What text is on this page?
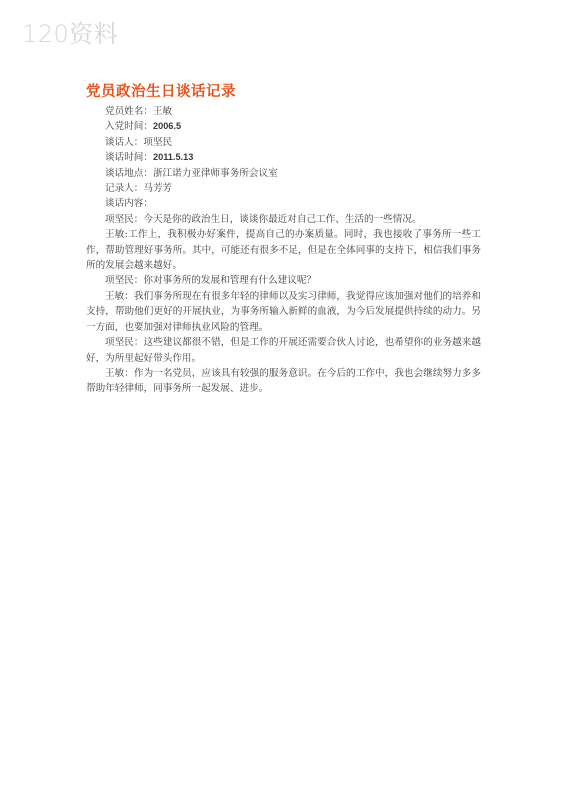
120资料
党员政治生日谈话记录

党员姓名：王敏

入党时间：2006.5

谈话人：项坚民

谈话时间：2011.5.13

谈话地点：浙江诺力亚律师事务所会议室

记录人：马芳芳

谈话内容：

项坚民：今天是你的政治生日，谈谈你最近对自己工作、生活的一些情况。

王敏:工作上，我积极办好案件，提高自己的办案质量。同时，我也接收了事务所一些工作，帮助管理好事务所。其中，可能还有很多不足，但是在全体同事的支持下，相信我们事务所的发展会越来越好。

项坚民：你对事务所的发展和管理有什么建议呢？

王敏：我们事务所现在有很多年轻的律师以及实习律师，我觉得应该加强对他们的培养和支持，帮助他们更好的开展执业，为事务所输入新鲜的血液，为今后发展提供持续的动力。另一方面，也要加强对律师执业风险的管理。

项坚民：这些建议都很不错，但是工作的开展还需要合伙人讨论，也希望你的业务越来越好，为所里起好带头作用。

王敏：作为一名党员，应该具有较强的服务意识。在今后的工作中，我也会继续努力多多帮助年轻律师，同事务所一起发展、进步。
